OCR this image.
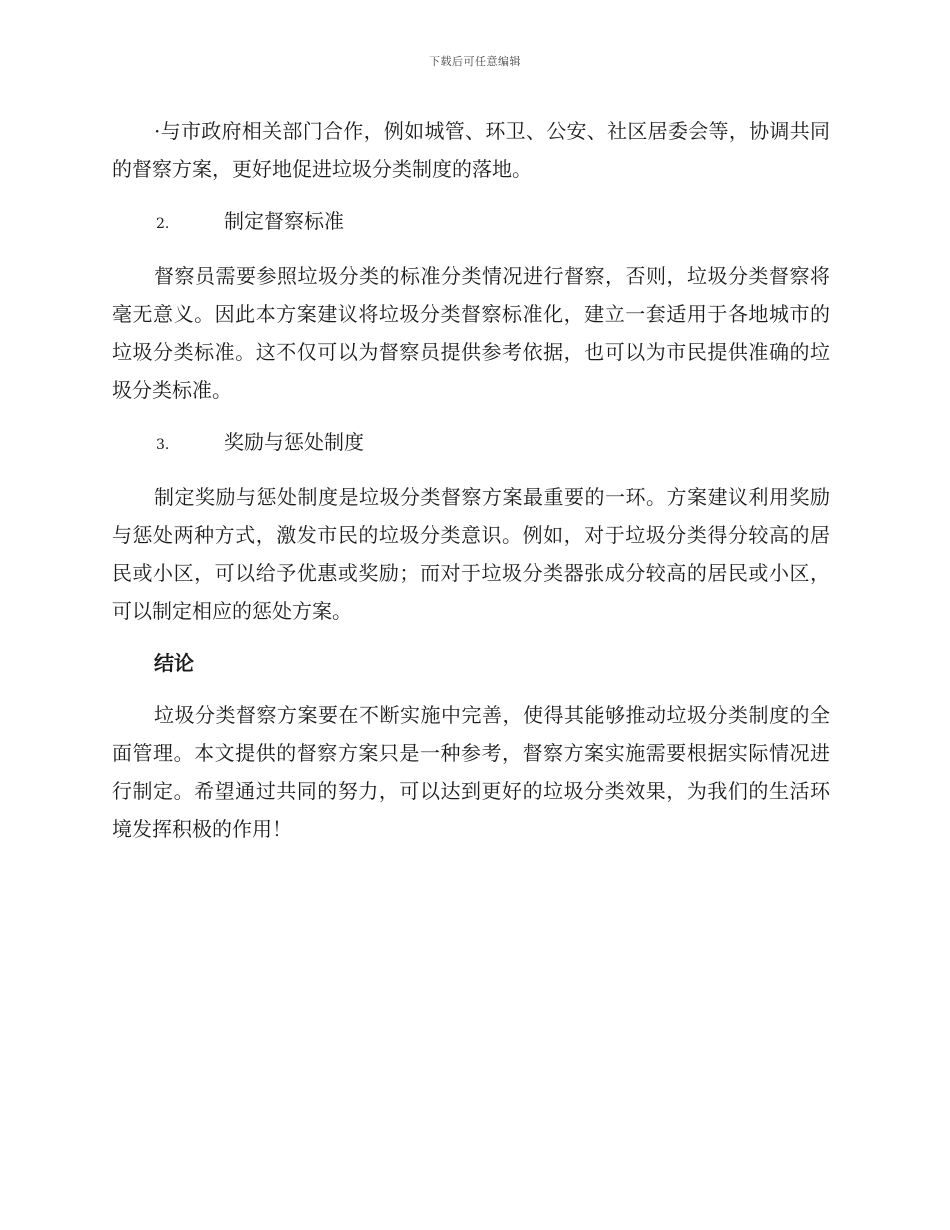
下载后可任意编辑

·与市政府相关部门合作，例如城管、环卫、公安、社区居委会等，协调共同的督察方案，更好地促进垃圾分类制度的落地。

2.	制定督察标准

督察员需要参照垃圾分类的标准分类情况进行督察，否则，垃圾分类督察将毫无意义。因此本方案建议将垃圾分类督察标准化，建立一套适用于各地城市的垃圾分类标准。这不仅可以为督察员提供参考依据，也可以为市民提供准确的垃圾分类标准。

3.	奖励与惩处制度

制定奖励与惩处制度是垃圾分类督察方案最重要的一环。方案建议利用奖励与惩处两种方式，激发市民的垃圾分类意识。例如，对于垃圾分类得分较高的居民或小区，可以给予优惠或奖励；而对于垃圾分类器张成分较高的居民或小区，可以制定相应的惩处方案。

结论

垃圾分类督察方案要在不断实施中完善，使得其能够推动垃圾分类制度的全面管理。本文提供的督察方案只是一种参考，督察方案实施需要根据实际情况进行制定。希望通过共同的努力，可以达到更好的垃圾分类效果，为我们的生活环境发挥积极的作用！
